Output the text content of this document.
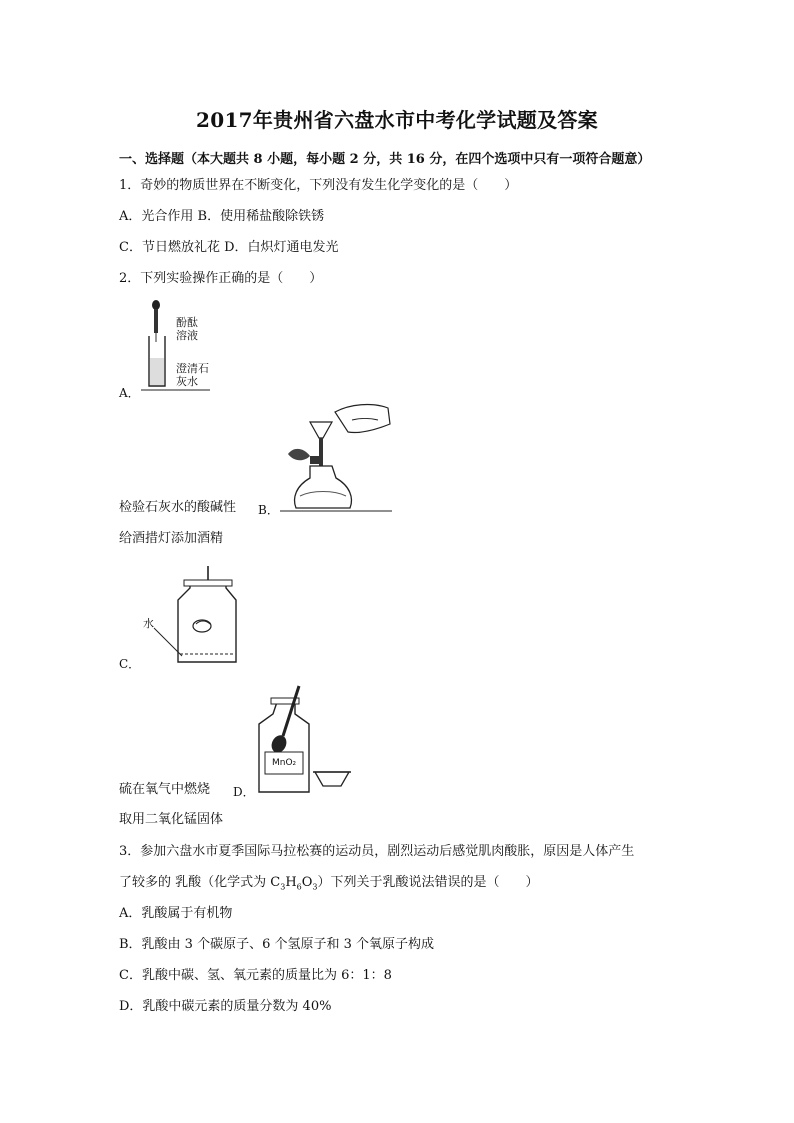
2017年贵州省六盘水市中考化学试题及答案
一、选择题（本大题共 8 小题，每小题 2 分，共 16 分，在四个选项中只有一项符合题意）
1．奇妙的物质世界在不断变化，下列没有发生化学变化的是（　　）
A．光合作用 B．使用稀盐酸除铁锈
C．节日燃放礼花 D．白炽灯通电发光
2．下列实验操作正确的是（　　）
酚酞溶液
澄清石灰水
A．
检验石灰水的酸碱性 B．
给酒措灯添加酒精
水
C．
MnO₂
硫在氧气中燃烧 D．
取用二氧化锰固体
3．参加六盘水市夏季国际马拉松赛的运动员，剧烈运动后感觉肌肉酸胀，原因是人体产生
了较多的 乳酸（化学式为 $C_3H_6O_3$）下列关于乳酸说法错误的是（　　）
A．乳酸属于有机物
B．乳酸由 3 个碳原子、6 个氢原子和 3 个氧原子构成
C．乳酸中碳、氢、氧元素的质量比为 6：1：8
D．乳酸中碳元素的质量分数为 40%
